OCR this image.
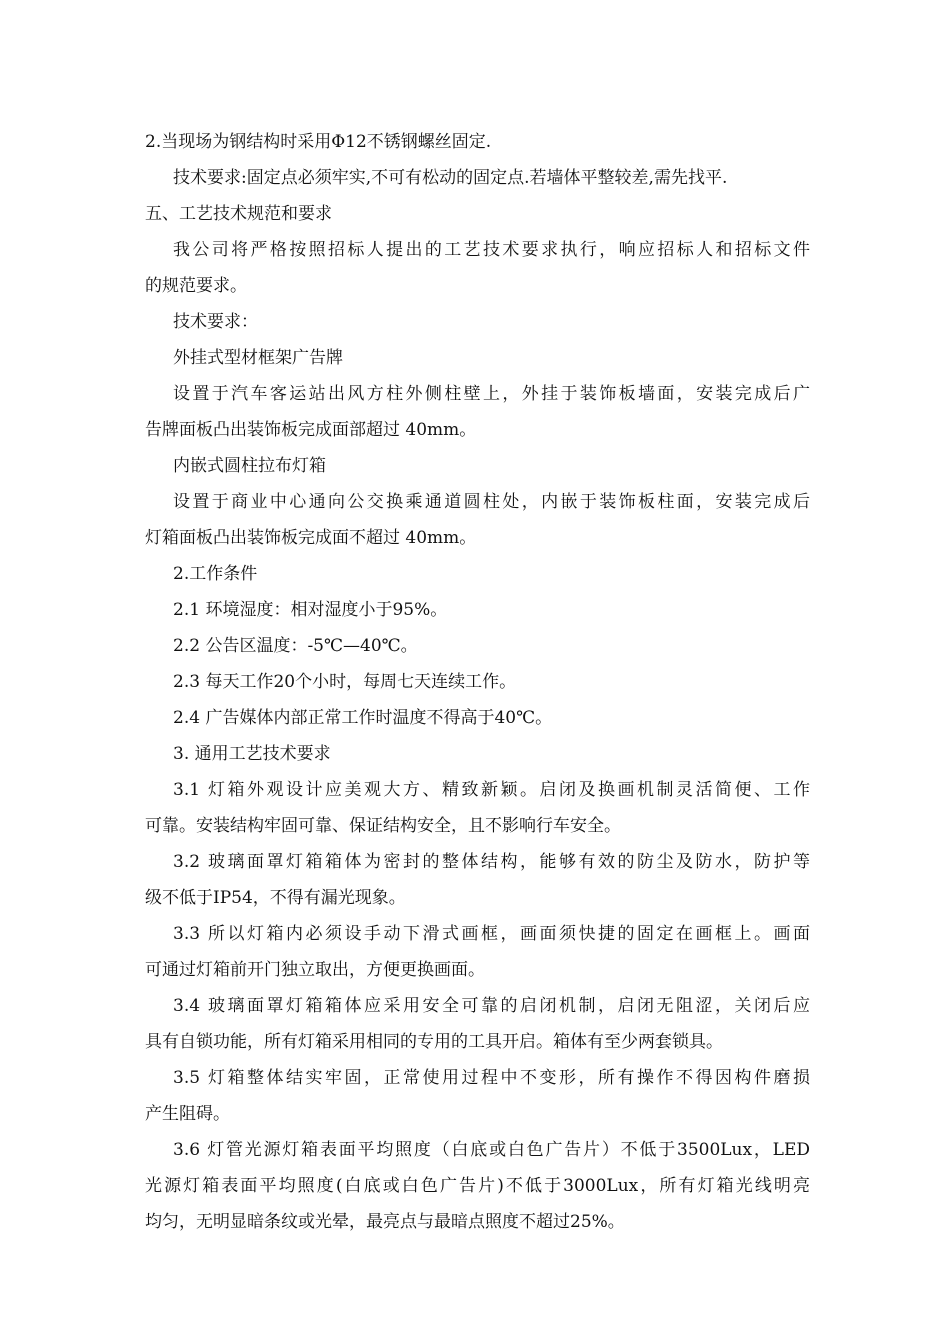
2.当现场为钢结构时采用Φ12不锈钢螺丝固定.
技术要求:固定点必须牢实,不可有松动的固定点.若墙体平整较差,需先找平.
五、工艺技术规范和要求
我公司将严格按照招标人提出的工艺技术要求执行，响应招标人和招标文件
的规范要求。
技术要求：
外挂式型材框架广告牌
设置于汽车客运站出风方柱外侧柱壁上，外挂于装饰板墙面，安装完成后广
告牌面板凸出装饰板完成面部超过 40mm。
内嵌式圆柱拉布灯箱
设置于商业中心通向公交换乘通道圆柱处，内嵌于装饰板柱面，安装完成后
灯箱面板凸出装饰板完成面不超过 40mm。
2.工作条件
2.1 环境湿度：相对湿度小于95%。
2.2 公告区温度：-5℃—40℃。
2.3 每天工作20个小时，每周七天连续工作。
2.4 广告媒体内部正常工作时温度不得高于40℃。
3. 通用工艺技术要求
3.1 灯箱外观设计应美观大方、精致新颖。启闭及换画机制灵活简便、工作
可靠。安装结构牢固可靠、保证结构安全，且不影响行车安全。
3.2 玻璃面罩灯箱箱体为密封的整体结构，能够有效的防尘及防水，防护等
级不低于IP54，不得有漏光现象。
3.3 所以灯箱内必须设手动下滑式画框，画面须快捷的固定在画框上。画面
可通过灯箱前开门独立取出，方便更换画面。
3.4 玻璃面罩灯箱箱体应采用安全可靠的启闭机制，启闭无阻涩，关闭后应
具有自锁功能，所有灯箱采用相同的专用的工具开启。箱体有至少两套锁具。
3.5 灯箱整体结实牢固，正常使用过程中不变形，所有操作不得因构件磨损
产生阻碍。
3.6 灯管光源灯箱表面平均照度（白底或白色广告片）不低于3500Lux，LED
光源灯箱表面平均照度(白底或白色广告片)不低于3000Lux，所有灯箱光线明亮
均匀，无明显暗条纹或光晕，最亮点与最暗点照度不超过25%。
